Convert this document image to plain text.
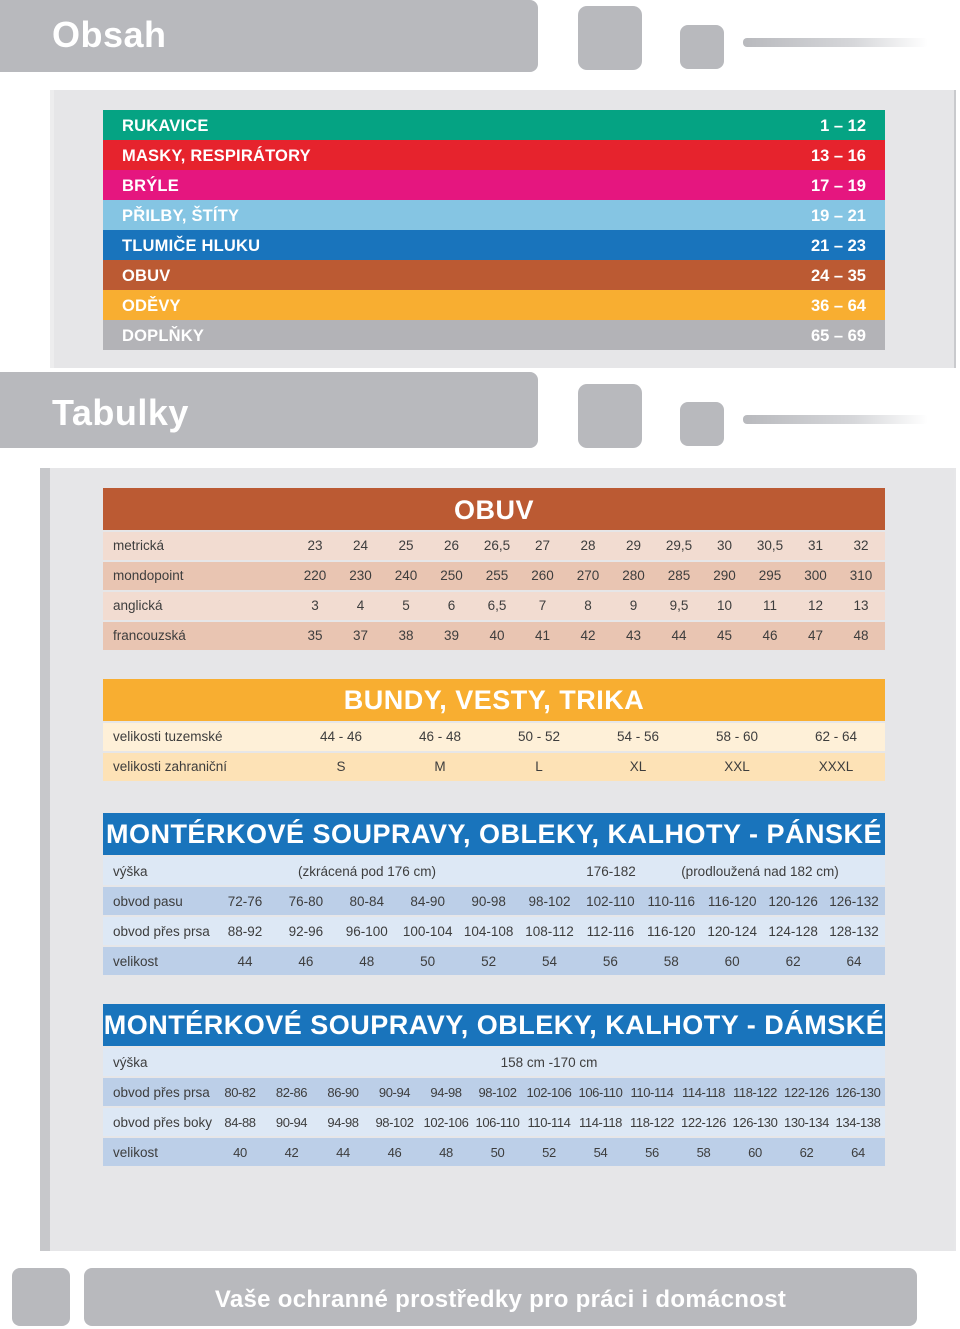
Obsah
RUKAVICE	1 – 12
MASKY, RESPIRÁTORY	13 – 16
BRÝLE	17 – 19
PŘILBY, ŠTÍTY	19 – 21
TLUMIČE HLUKU	21 – 23
OBUV	24 – 35
ODĚVY	36 – 64
DOPLŇKY	65 – 69
Tabulky
OBUV
metrická	23	24	25	26	26,5	27	28	29	29,5	30	30,5	31	32
mondopoint	220	230	240	250	255	260	270	280	285	290	295	300	310
anglická	3	4	5	6	6,5	7	8	9	9,5	10	11	12	13
francouzská	35	37	38	39	40	41	42	43	44	45	46	47	48
BUNDY, VESTY, TRIKA
velikosti tuzemské	44 - 46	46 - 48	50 - 52	54 - 56	58 - 60	62 - 64
velikosti zahraniční	S	M	L	XL	XXL	XXXL
MONTÉRKOVÉ SOUPRAVY, OBLEKY, KALHOTY - PÁNSKÉ
výška	(zkrácená pod 176 cm)	176-182	(prodloužená nad 182 cm)
obvod pasu	72-76	76-80	80-84	84-90	90-98	98-102	102-110 110-116 116-120 120-126 126-132
obvod přes prsa	88-92	92-96	96-100	100-104 104-108 108-112 112-116 116-120 120-124 124-128 128-132
velikost	44	46	48	50	52	54	56	58	60	62	64
MONTÉRKOVÉ SOUPRAVY, OBLEKY, KALHOTY - DÁMSKÉ
výška	158 cm -170 cm
obvod přes prsa	80-82	82-86	86-90	90-94	94-98	98-102 102-106 106-110 110-114 114-118 118-122 122-126 126-130
obvod přes boky 84-88	90-94	94-98	98-102 102-106 106-110 110-114 114-118 118-122 122-126 126-130 130-134 134-138
velikost	40	42	44	46	48	50	52	54	56	58	60	62	64
Vaše ochranné prostředky pro práci i domácnost
